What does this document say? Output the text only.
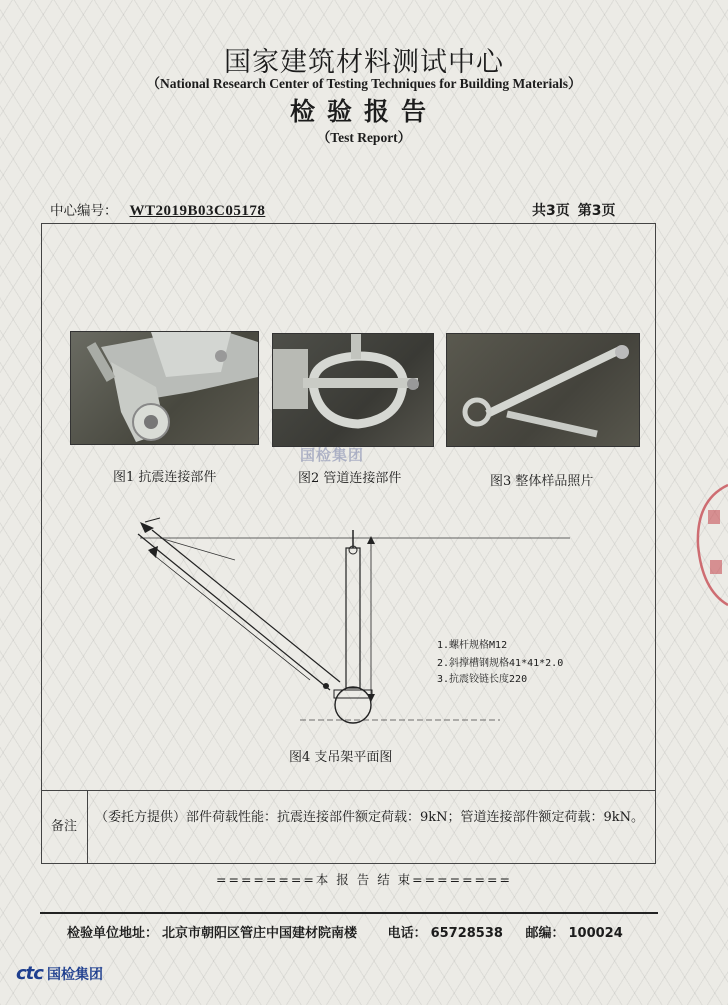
国家建筑材料测试中心
（National Research Center of Testing Techniques for Building Materials）
检验报告
（Test Report）
中心编号： WT2019B03C05178	共3页 第3页
国检集团
图1 抗震连接部件	图2 管道连接部件	图3 整体样品照片
1.螺杆规格M12
2.斜撑槽钢规格41*41*2.0
3.抗震铰链长度220
图4 支吊架平面图
备注
（委托方提供）部件荷载性能：抗震连接部件额定荷载：9kN；管道连接部件额定荷载：9kN。
========本 报 告 结 束========
检验单位地址： 北京市朝阳区管庄中国建材院南楼 电话： 65728538 邮编： 100024
ctc 国检集团
